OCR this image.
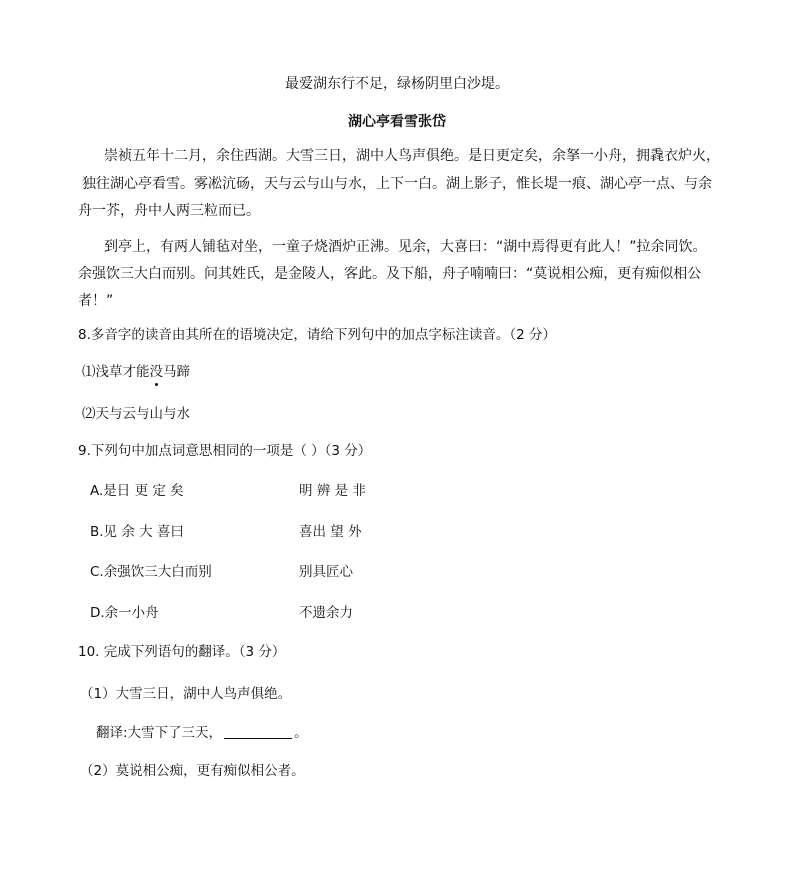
最爱湖东行不足，绿杨阴里白沙堤。
湖心亭看雪张岱
崇祯五年十二月，余住西湖。大雪三日，湖中人鸟声俱绝。是日更定矣，余拏一小舟，拥毳衣炉火，
独往湖心亭看雪。雾凇沆砀，天与云与山与水，上下一白。湖上影子，惟长堤一痕、湖心亭一点、与余
舟一芥，舟中人两三粒而已。
到亭上，有两人铺毡对坐，一童子烧酒炉正沸。见余，大喜曰：“湖中焉得更有此人！”拉余同饮。
余强饮三大白而别。问其姓氏，是金陵人，客此。及下船，舟子喃喃曰：“莫说相公痴，更有痴似相公
者！”
8.多音字的读音由其所在的语境决定，请给下列句中的加点字标注读音。（2 分）
⑴浅草才能没马蹄
⑵天与云与山与水
9.下列句中加点词意思相同的一项是（ ）（3 分）
A.是日 更 定 矣	明 辨 是 非
B.见 余 大 喜曰	喜出 望 外
C.余强饮三大白而别	别具匠心
D.余一小舟	不遗余力
10. 完成下列语句的翻译。（3 分）
（1）大雪三日，湖中人鸟声俱绝。
翻译:大雪下了三天，	。
（2）莫说相公痴，更有痴似相公者。
